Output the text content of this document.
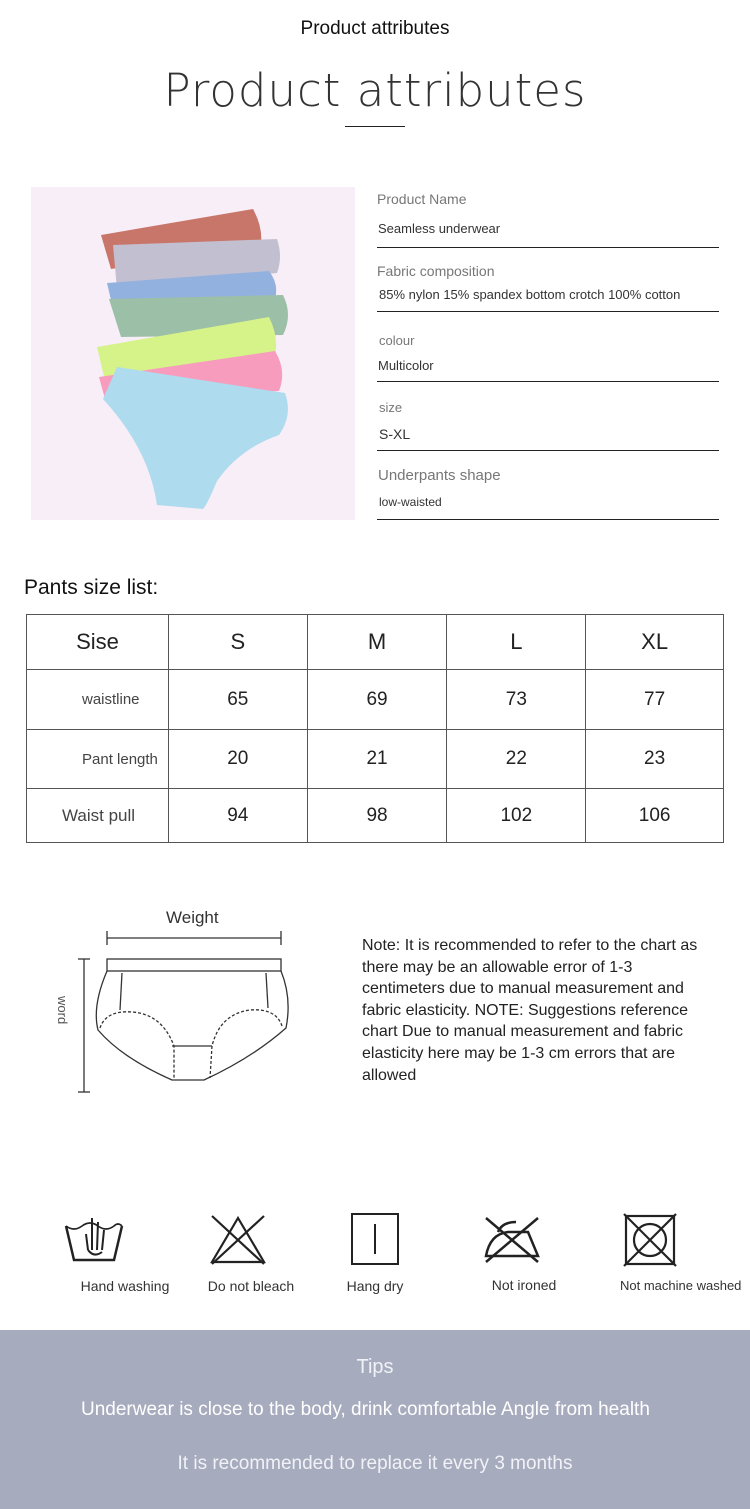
Product attributes
Product attributes
Product Name
Seamless underwear
Fabric composition
85% nylon 15% spandex bottom crotch 100% cotton
colour
Multicolor
size
S-XL
Underpants shape
low-waisted
Pants size list:
Sise	S	M	L	XL
waistline	65	69	73	77
Pant length	20	21	22	23
Waist pull	94	98	102	106
Weight
word
Note: It is recommended to refer to the chart as there may be an allowable error of 1-3 centimeters due to manual measurement and fabric elasticity. NOTE: Suggestions reference chart Due to manual measurement and fabric elasticity here may be 1-3 cm errors that are allowed
Hand washing	Do not bleach	Hang dry	Not ironed	Not machine washed
Tips
Underwear is close to the body, drink comfortable Angle from health
It is recommended to replace it every 3 months
